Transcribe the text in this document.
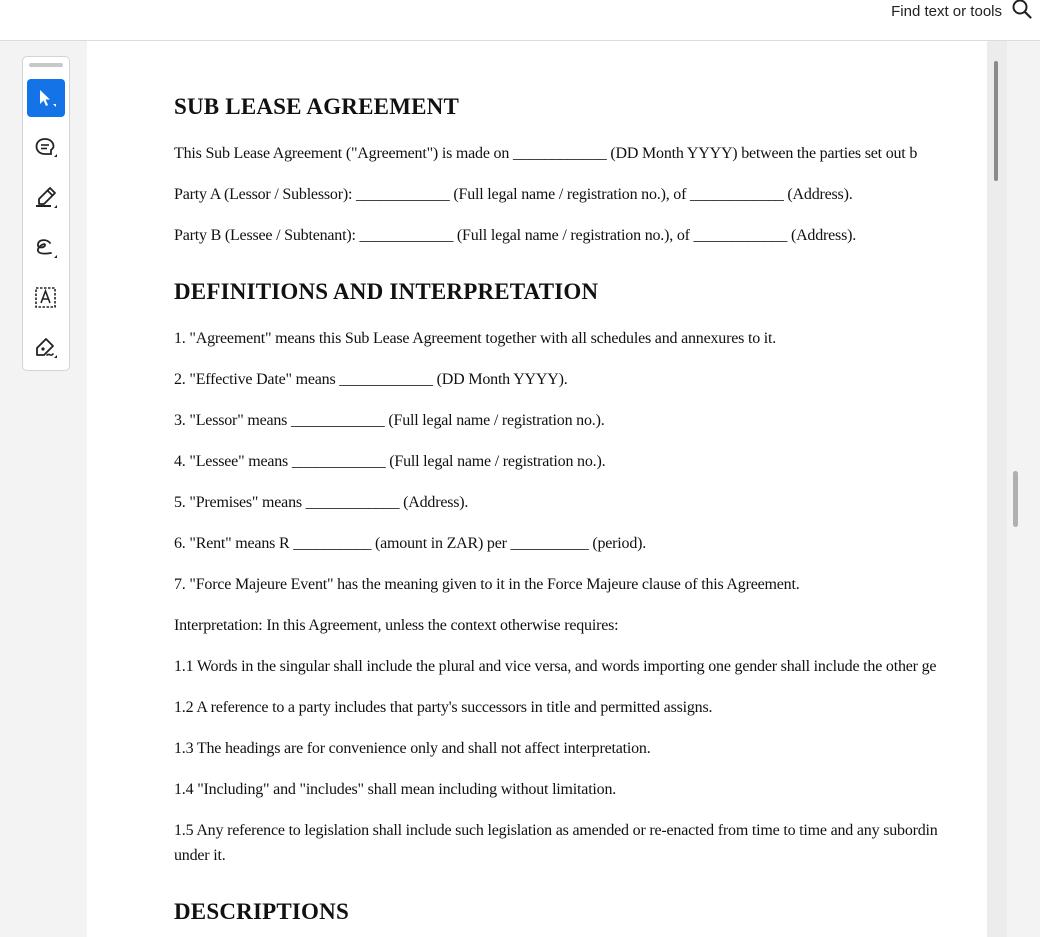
Find text or tools
SUB LEASE AGREEMENT

This Sub Lease Agreement ("Agreement") is made on ____________ (DD Month YYYY) between the parties set out b

Party A (Lessor / Sublessor): ____________ (Full legal name / registration no.), of ____________ (Address).

Party B (Lessee / Subtenant): ____________ (Full legal name / registration no.), of ____________ (Address).

DEFINITIONS AND INTERPRETATION

1. "Agreement" means this Sub Lease Agreement together with all schedules and annexures to it.

2. "Effective Date" means ____________ (DD Month YYYY).

3. "Lessor" means ____________ (Full legal name / registration no.).

4. "Lessee" means ____________ (Full legal name / registration no.).

5. "Premises" means ____________ (Address).

6. "Rent" means R __________ (amount in ZAR) per __________ (period).

7. "Force Majeure Event" has the meaning given to it in the Force Majeure clause of this Agreement.

Interpretation: In this Agreement, unless the context otherwise requires:

1.1 Words in the singular shall include the plural and vice versa, and words importing one gender shall include the other ge

1.2 A reference to a party includes that party's successors in title and permitted assigns.

1.3 The headings are for convenience only and shall not affect interpretation.

1.4 "Including" and "includes" shall mean including without limitation.

1.5 Any reference to legislation shall include such legislation as amended or re-enacted from time to time and any subordin

under it.

DESCRIPTIONS
